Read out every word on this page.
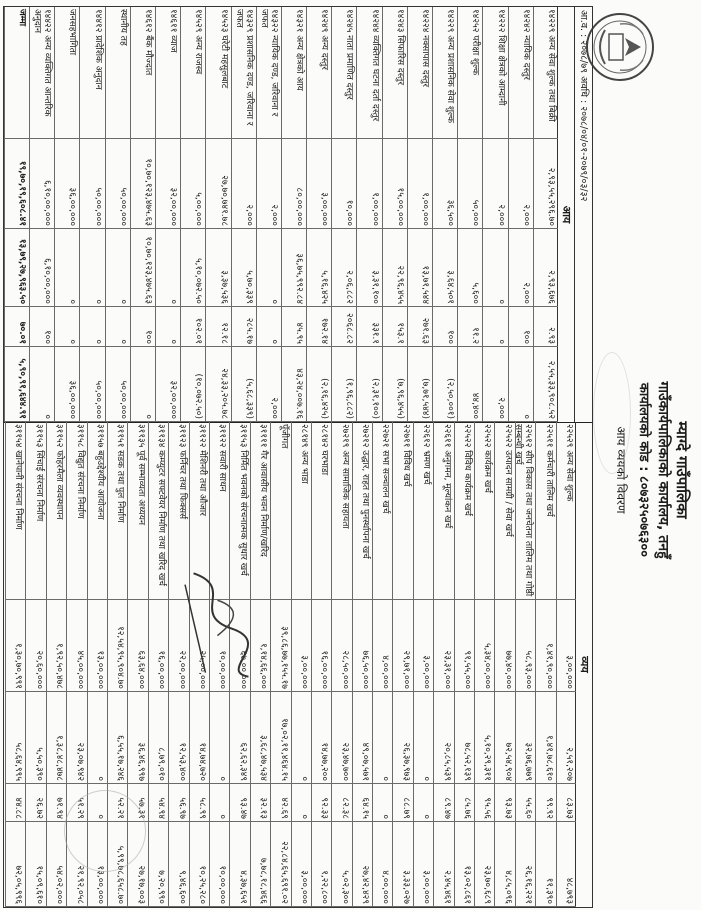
म्याग्दे गाउँपालिका
गाउँकार्यपालिकाको कार्यालय, तनहुँ
कार्यालयको कोड : ८०७३२५०७६३००
आय व्ययको विवरण
आ.व. : २०७८/७९ अवधि : २०७८/०४/०१-२०७९/०३/३२
आय
१४२२९ अन्य सेवा शुल्क तथा बिक्री
२,९३,५५,२९६.७०
२,९३,६७६
२.९३
२,५५,३३,९०८.५२
१४२४२ न्यायिक दस्तुर
२,०००
२,०००
१००
०
१४२२२ शिक्षा क्षेत्रको आम्दानी
२,०००
०
०
२,०००
१४२५२ परीक्षा शुल्क
५०,०००
५,६००
११.२
४४,४००
१४२२९ अन्य प्रशासनिक सेवा शुल्क
३६,५००
३,६४,५०१
१००
(२,५०,००१)
१४२२४ नक्सापास दस्तुर
१,००,०००
१३,७१,५४४
२७१.६३
(७,७१,५४४)
१४२४३ सिफारिस दस्तुर
१५,००,०००
२२,९६,४५५
१५३.१
(७,९६,४५५)
१४२४४ व्यक्तिगत घटना दर्ता दस्तुर
१,००,०००
३,३१,१००
३३१.१
(२,३१,१००)
१४२४५ नाता प्रमाणित दस्तुर
१०,०००
२,०६,८८२
२०६८.८२
(१,९६,८८२)
१४२४९ अन्य दस्तुर
३,००,०००
५,१६,४२५
१७२.१४
(२,१६,४२५)
१४३२१ अन्य क्षेत्रको आय
८०,००,०००
३६,७५,९९२.८४
४५.९५
४३,२४,००७.१६
१४३२२ न्यायिक दण्ड, जरिवाना र जफत
२,०००
०
०
२,०००
१४३२९ प्रशासनिक दण्ड, जरिवाना र जफत
२,०००
५,७०,३३९
२८५.१७
(५,६८,३३९)
१४५२३ घरेटी महसुलबाट
२७,७०,७४१.७८
३,३७,५३६
१२.१८
२४,३३,२०५.७८
१४५२९ अन्य राजस्व
५,००,०००
५,१०,०७२.५०
१०२.०१
(१०,०७२.५०)
१४६११ व्याज
३२,००,०००
०
०
३२,००,०००
१४६१२ बैंक मौज्दात
१०,७०,१२३,४७५.६३
१०,७०,१२३,४७५.६३
१००
०
स्थानीय तह
५०,००,०००
०
०
५०,००,०००
१४४१२ प्रादेशिक अनुदान
५०,००,०००
०
०
५०,००,०००
जनसहभागिता
३६,००,०००
०
०
३६,००,०००
१४४२२ अन्य व्यक्तिगत आन्तरिक अनुदान
६,१०,००,०००
६,१०,००,०००
१००
०
जम्मा
१९,७०,१९,६०८.४१
१३,७९,२७,९६३.५०
७०.०१
५,९०,९१,६४४.९१
व्यय
२२५२९ अन्य सेवा शुल्क
३,००,०००
२,५१,२०७
८३.७३
४८,७९३
२२५११ कर्मचारी तालिम खर्च
१,४१,९०,०००
१,४१,७८,६१०
९९.९२
११,३९०
२२५१२ सीप विकास तथा जनचेतना तालिम तथा गोष्ठी सम्बन्धी खर्च
५८,९३,०००
३२,७६,७७९
५५.६०
२६,१६,२२१
२२५२२ उत्पादन सामग्री / सेवा खर्च
७७,४०,०००
७२,५४,९०४
९३.७३
४,८५,०९६
२२५२२ कार्यक्रम खर्च
५,३४,००,०००
५,१०,२९,३११
९५.५६
२३,७०,६८९
२२५२२ विविध कार्यक्रम खर्च
९१,५५,०००
७८,५२,१३९
८५.७६
१३,०२,८६१
२२६११ अनुगमन, मूल्यांकन खर्च
२३,३१,०००
२०,८५,५३९
८९.४७
२,४५,४६१
२२६१२ भ्रमण खर्च
३,००,०००
०
०
३,००,०००
२२७११ विविध खर्च
२९,७१,०००
२६,३७,९७३
८८.७९
३,३३,०२७
२२७२१ सभा सञ्चालन खर्च
४,००,०००
०
०
४,००,०००
२७२१२ उद्धार, राहत तथा पुनर्स्थापना खर्च
७६,५०,०००
४९,०७,५७१
६४.१५
२७,४२,४२९
२७२१९ अन्य सामाजिक सहायता
२८,५०,०००
२३,४७,७००
८२.३८
५,०२,३००
२८१४२ घरभाडा
१६,००,०००
१४,७७,२००
९२.३३
१,२२,८००
२८१४९ अन्य भाडा
३,००,०००
०
०
३,००,०००
पूँजीगत
३९,८६,७७,१५५.१७
१७,०२,११,४६४.१५
४२.६९
२२,८४,६५,६९१.०२
३११११ गैर आवासीय भवन निर्माण/खरिद
१,१४,६६,०००
३,६८,४७,५३४
३२.१३
७,७८,१८,४६६
३११५३ निर्मित भवनको संरचनात्मक सुधार खर्च
६७,००,०००
६२,६२,३४९
९३.४७
४,३७,६५१
३११२२ सवारी साधन
१०,००,०००
०
०
१०,००,०००
३११२२ मेशिनरी तथा औजार
२५,००,०००
१४,७४,७२०
५८.९९
१०,२५,२८०
३११२३ फर्निचर तथा फिक्सर्स
२२,००,०००
१२,५३,४००
५६.९७
९,४६,६००
३११३४ कम्प्युटर सफ्टवेयर निर्माण तथा खरिद खर्च
१६,००,०००
८,७९,०१०
५४.९४
७,२०,९९०
३११३५ पूर्व सम्भाव्यता अध्ययन
६३,६४,०००
३६,४६,९९७
५७.३१
२७,१७,००३
३११५१ सडक तथा पुल निर्माण
१२,५४,९५,९०४.७०
६,५५,१७,२४६
५२.२१
५,९९,७८,६५८.७०
३११५७ बहुउद्देश्यीय आयोजना
१३,००,०००
०
०
१३,००,०००
३११५८ विद्युत संरचना निर्माण
४५,००,०००
२३,०७,९४२
५१.२९
२१,९२,०५८
३११५२ फोहरमैला व्यवस्थापन
१,९२,५०,४७८
१,३८,४८,४७८
७१.९४
५४,०२,०००
३११५३ सिंचाई संरचना निर्माण
२०,६०,०००
५,५०,३९०
२६.७२
१५,०९,६१०
३११५४ खानेपानी संरचना निर्माण
१,३०,७०,९९१
५८,६४,९९५
४४.८८
७२,०५,९९६
